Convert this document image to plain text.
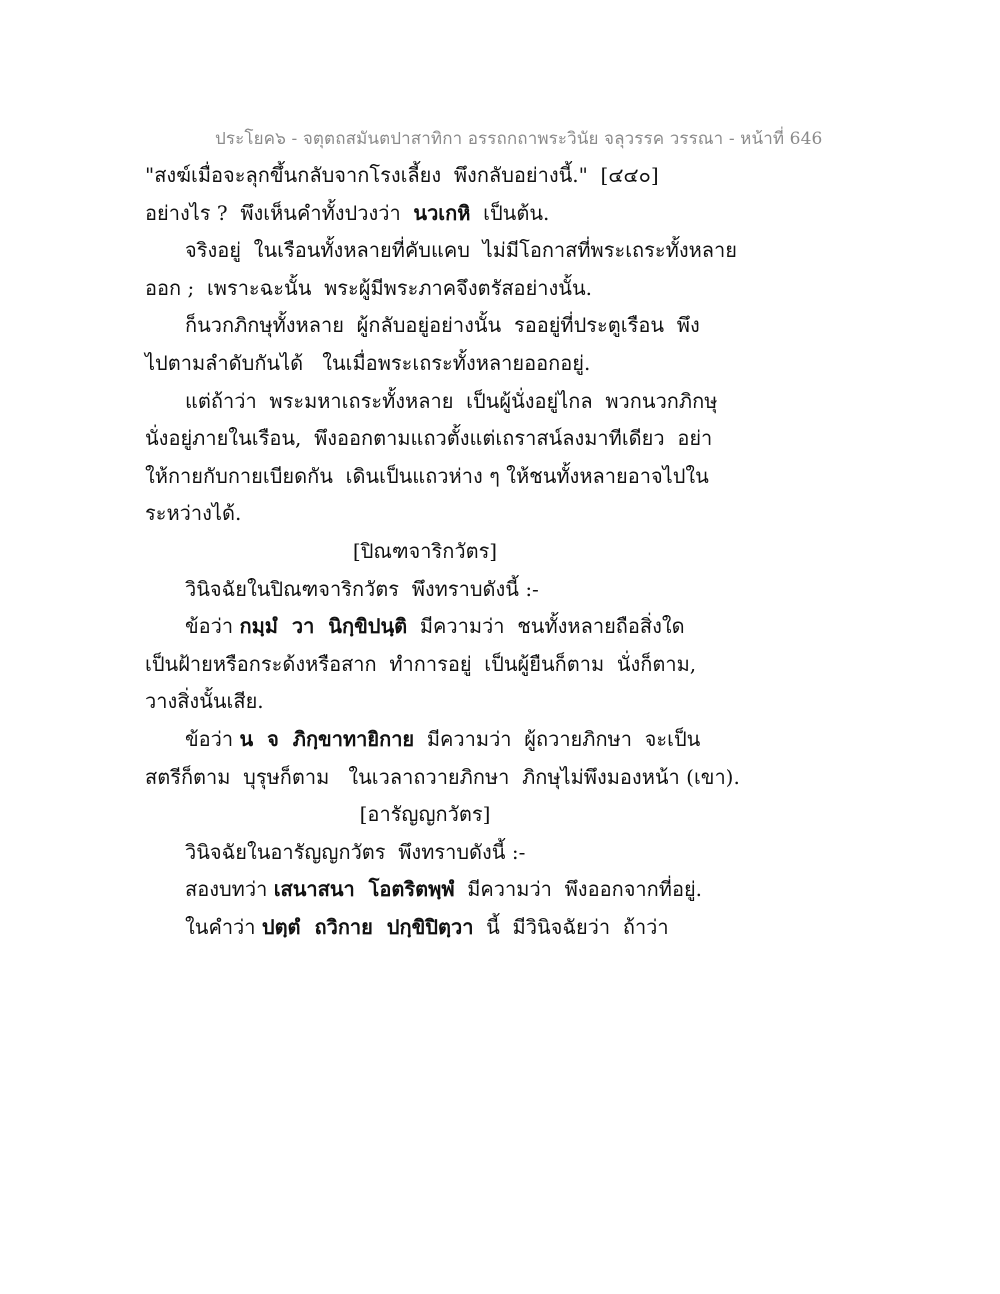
ประโยค๖ - จตุตถสมันตปาสาทิกา อรรถกถาพระวินัย จลุวรรค วรรณา - หน้าที่ 646
"สงฆ์เมื่อจะลุกขึ้นกลับจากโรงเลี้ยง  พึงกลับอย่างนี้."  [๔๔๐]
อย่างไร ?  พึงเห็นคำทั้งปวงว่า  นวเกหิ  เป็นต้น.
จริงอยู่  ในเรือนทั้งหลายที่คับแคบ  ไม่มีโอกาสที่พระเถระทั้งหลาย
ออก ;  เพราะฉะนั้น  พระผู้มีพระภาคจึงตรัสอย่างนั้น.
ก็นวกภิกษุทั้งหลาย  ผู้กลับอยู่อย่างนั้น  รออยู่ที่ประตูเรือน  พึง
ไปตามลำดับกันได้   ในเมื่อพระเถระทั้งหลายออกอยู่.
แต่ถ้าว่า  พระมหาเถระทั้งหลาย  เป็นผู้นั่งอยู่ไกล  พวกนวกภิกษุ
นั่งอยู่ภายในเรือน,  พึงออกตามแถวตั้งแต่เถราสน์ลงมาทีเดียว  อย่า
ให้กายกับกายเบียดกัน  เดินเป็นแถวห่าง ๆ ให้ชนทั้งหลายอาจไปใน
ระหว่างได้.
[ปิณฑจาริกวัตร]
วินิจฉัยในปิณฑจาริกวัตร  พึงทราบดังนี้ :-
ข้อว่า กมฺมํ  วา  นิกฺขิปนฺติ  มีความว่า  ชนทั้งหลายถือสิ่งใด
เป็นฝ้ายหรือกระด้งหรือสาก  ทำการอยู่  เป็นผู้ยืนก็ตาม  นั่งก็ตาม,
วางสิ่งนั้นเสีย.
ข้อว่า น  จ  ภิกฺขาทายิกาย  มีความว่า  ผู้ถวายภิกษา  จะเป็น
สตรีก็ตาม  บุรุษก็ตาม   ในเวลาถวายภิกษา  ภิกษุไม่พึงมองหน้า (เขา).
[อารัญญกวัตร]
วินิจฉัยในอารัญญกวัตร  พึงทราบดังนี้ :-
สองบทว่า เสนาสนา  โอตริตพฺพํ  มีความว่า  พึงออกจากที่อยู่.
ในคำว่า ปตฺตํ  ถวิกาย  ปกฺขิปิตฺวา  นี้  มีวินิจฉัยว่า  ถ้าว่า
